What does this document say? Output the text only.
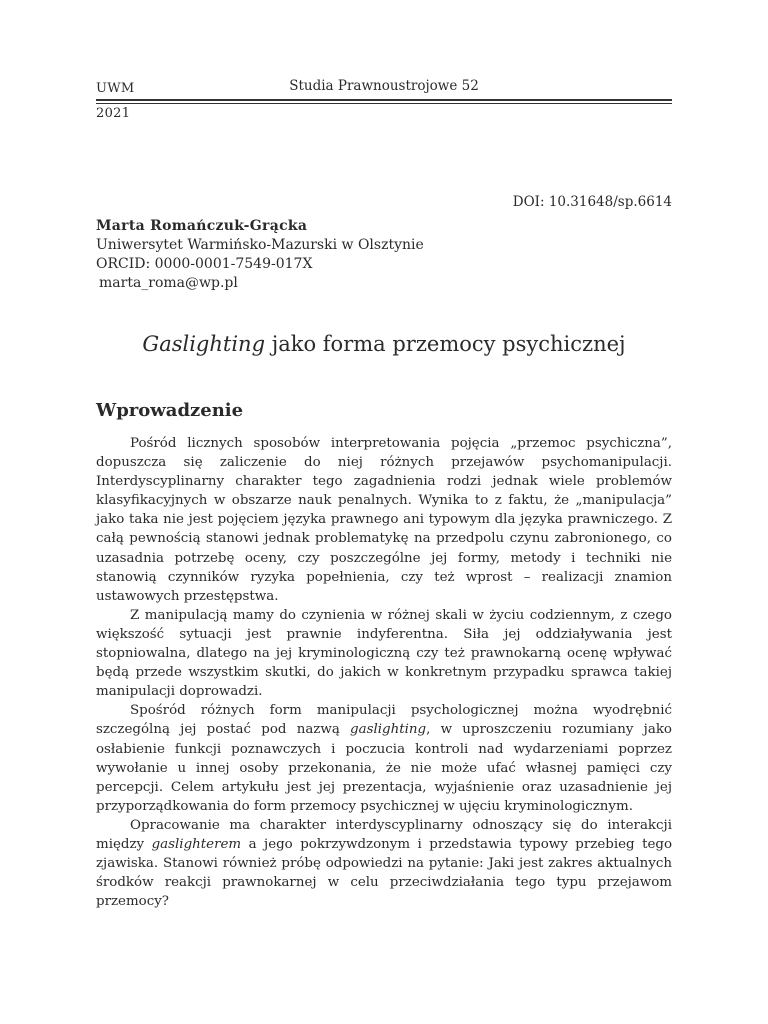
UWM	Studia Prawnoustrojowe 52
2021
DOI: 10.31648/sp.6614
Marta Romańczuk-Grącka
Uniwersytet Warmińsko-Mazurski w Olsztynie
ORCID: 0000-0001-7549-017X
marta_roma@wp.pl
Gaslighting jako forma przemocy psychicznej
Wprowadzenie

Pośród licznych sposobów interpretowania pojęcia „przemoc psychiczna”, dopuszcza się zaliczenie do niej różnych przejawów psychomanipulacji. Interdyscyplinarny charakter tego zagadnienia rodzi jednak wiele problemów klasyfikacyjnych w obszarze nauk penalnych. Wynika to z faktu, że „manipulacja” jako taka nie jest pojęciem języka prawnego ani typowym dla języka prawniczego. Z całą pewnością stanowi jednak problematykę na przedpolu czynu zabronionego, co uzasadnia potrzebę oceny, czy poszczególne jej formy, metody i techniki nie stanowią czynników ryzyka popełnienia, czy też wprost – realizacji znamion ustawowych przestępstwa.

Z manipulacją mamy do czynienia w różnej skali w życiu codziennym, z czego większość sytuacji jest prawnie indyferentna. Siła jej oddziaływania jest stopniowalna, dlatego na jej kryminologiczną czy też prawnokarną ocenę wpływać będą przede wszystkim skutki, do jakich w konkretnym przypadku sprawca takiej manipulacji doprowadzi.

Spośród różnych form manipulacji psychologicznej można wyodrębnić szczególną jej postać pod nazwą gaslighting, w uproszczeniu rozumiany jako osłabienie funkcji poznawczych i poczucia kontroli nad wydarzeniami poprzez wywołanie u innej osoby przekonania, że nie może ufać własnej pamięci czy percepcji. Celem artykułu jest jej prezentacja, wyjaśnienie oraz uzasadnienie jej przyporządkowania do form przemocy psychicznej w ujęciu kryminologicznym.

Opracowanie ma charakter interdyscyplinarny odnoszący się do interakcji między gaslighterem a jego pokrzywdzonym i przedstawia typowy przebieg tego zjawiska. Stanowi również próbę odpowiedzi na pytanie: Jaki jest zakres aktualnych środków reakcji prawnokarnej w celu przeciwdziałania tego typu przejawom przemocy?
